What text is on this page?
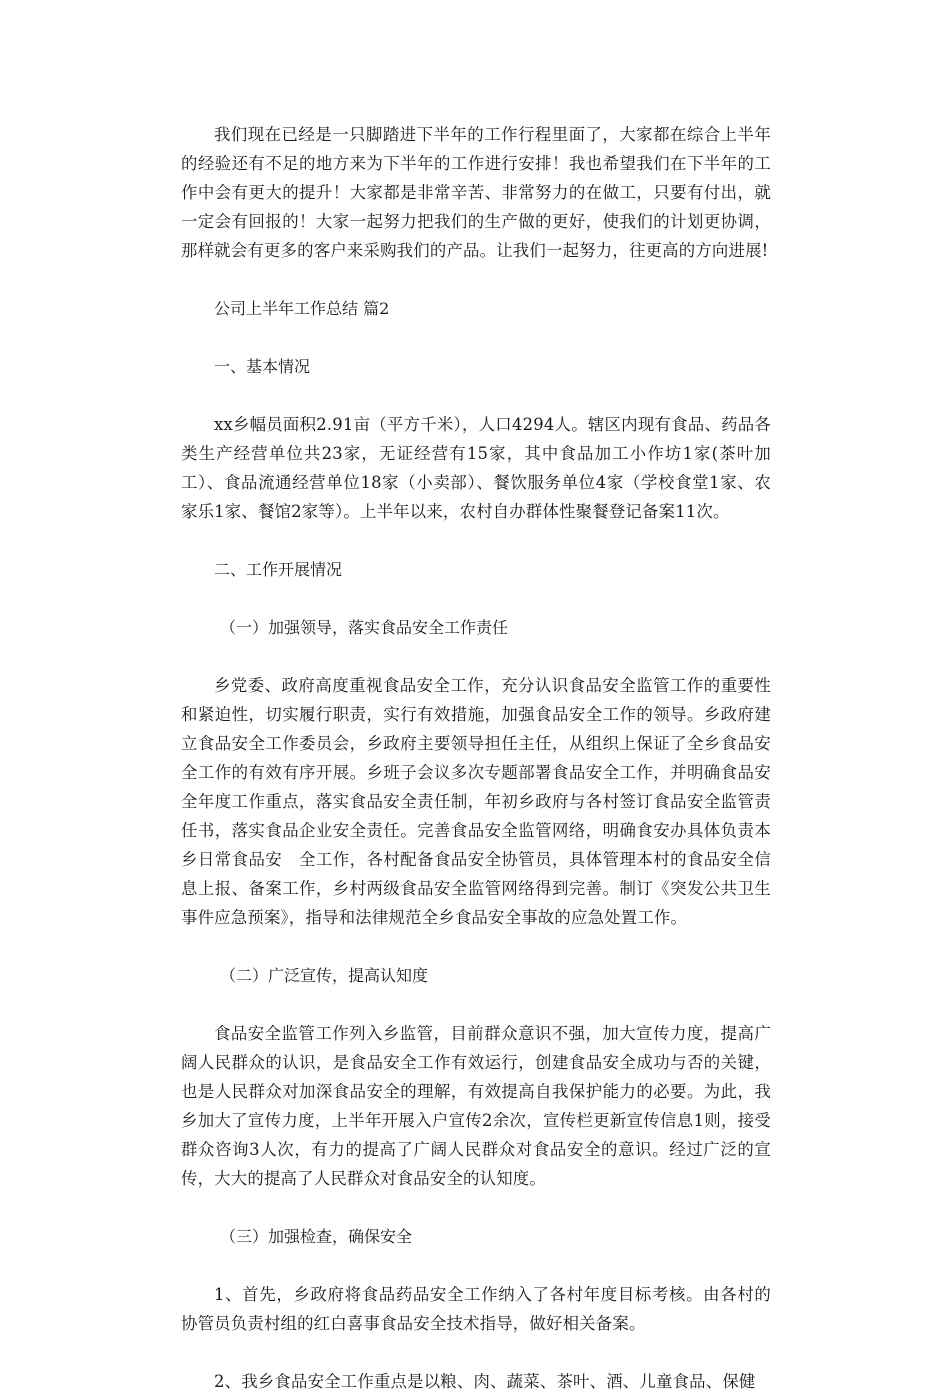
我们现在已经是一只脚踏进下半年的工作行程里面了，大家都在综合上半年的经验还有不足的地方来为下半年的工作进行安排！我也希望我们在下半年的工作中会有更大的提升！大家都是非常辛苦、非常努力的在做工，只要有付出，就一定会有回报的！大家一起努力把我们的生产做的更好，使我们的计划更协调，那样就会有更多的客户来采购我们的产品。让我们一起努力，往更高的方向进展!

公司上半年工作总结 篇2

一、基本情况

xx乡幅员面积2.91亩（平方千米），人口4294人。辖区内现有食品、药品各类生产经营单位共23家，无证经营有15家，其中食品加工小作坊1家(茶叶加工）、食品流通经营单位18家（小卖部）、餐饮服务单位4家（学校食堂1家、农家乐1家、餐馆2家等）。上半年以来，农村自办群体性聚餐登记备案11次。

二、工作开展情况

（一）加强领导，落实食品安全工作责任

乡党委、政府高度重视食品安全工作，充分认识食品安全监管工作的重要性和紧迫性，切实履行职责，实行有效措施，加强食品安全工作的领导。乡政府建立食品安全工作委员会，乡政府主要领导担任主任，从组织上保证了全乡食品安全工作的有效有序开展。乡班子会议多次专题部署食品安全工作，并明确食品安全年度工作重点，落实食品安全责任制，年初乡政府与各村签订食品安全监管责任书，落实食品企业安全责任。完善食品安全监管网络，明确食安办具体负责本乡日常食品安　全工作，各村配备食品安全协管员，具体管理本村的食品安全信息上报、备案工作，乡村两级食品安全监管网络得到完善。制订《突发公共卫生事件应急预案》，指导和法律规范全乡食品安全事故的应急处置工作。

（二）广泛宣传，提高认知度

食品安全监管工作列入乡监管，目前群众意识不强，加大宣传力度，提高广阔人民群众的认识，是食品安全工作有效运行，创建食品安全成功与否的关键，也是人民群众对加深食品安全的理解，有效提高自我保护能力的必要。为此，我乡加大了宣传力度，上半年开展入户宣传2余次，宣传栏更新宣传信息1则，接受群众咨询3人次，有力的提高了广阔人民群众对食品安全的意识。经过广泛的宣传，大大的提高了人民群众对食品安全的认知度。

（三）加强检查，确保安全

1、首先，乡政府将食品药品安全工作纳入了各村年度目标考核。由各村的协管员负责村组的红白喜事食品安全技术指导，做好相关备案。

2、我乡食品安全工作重点是以粮、肉、蔬菜、茶叶、酒、儿童食品、保健
